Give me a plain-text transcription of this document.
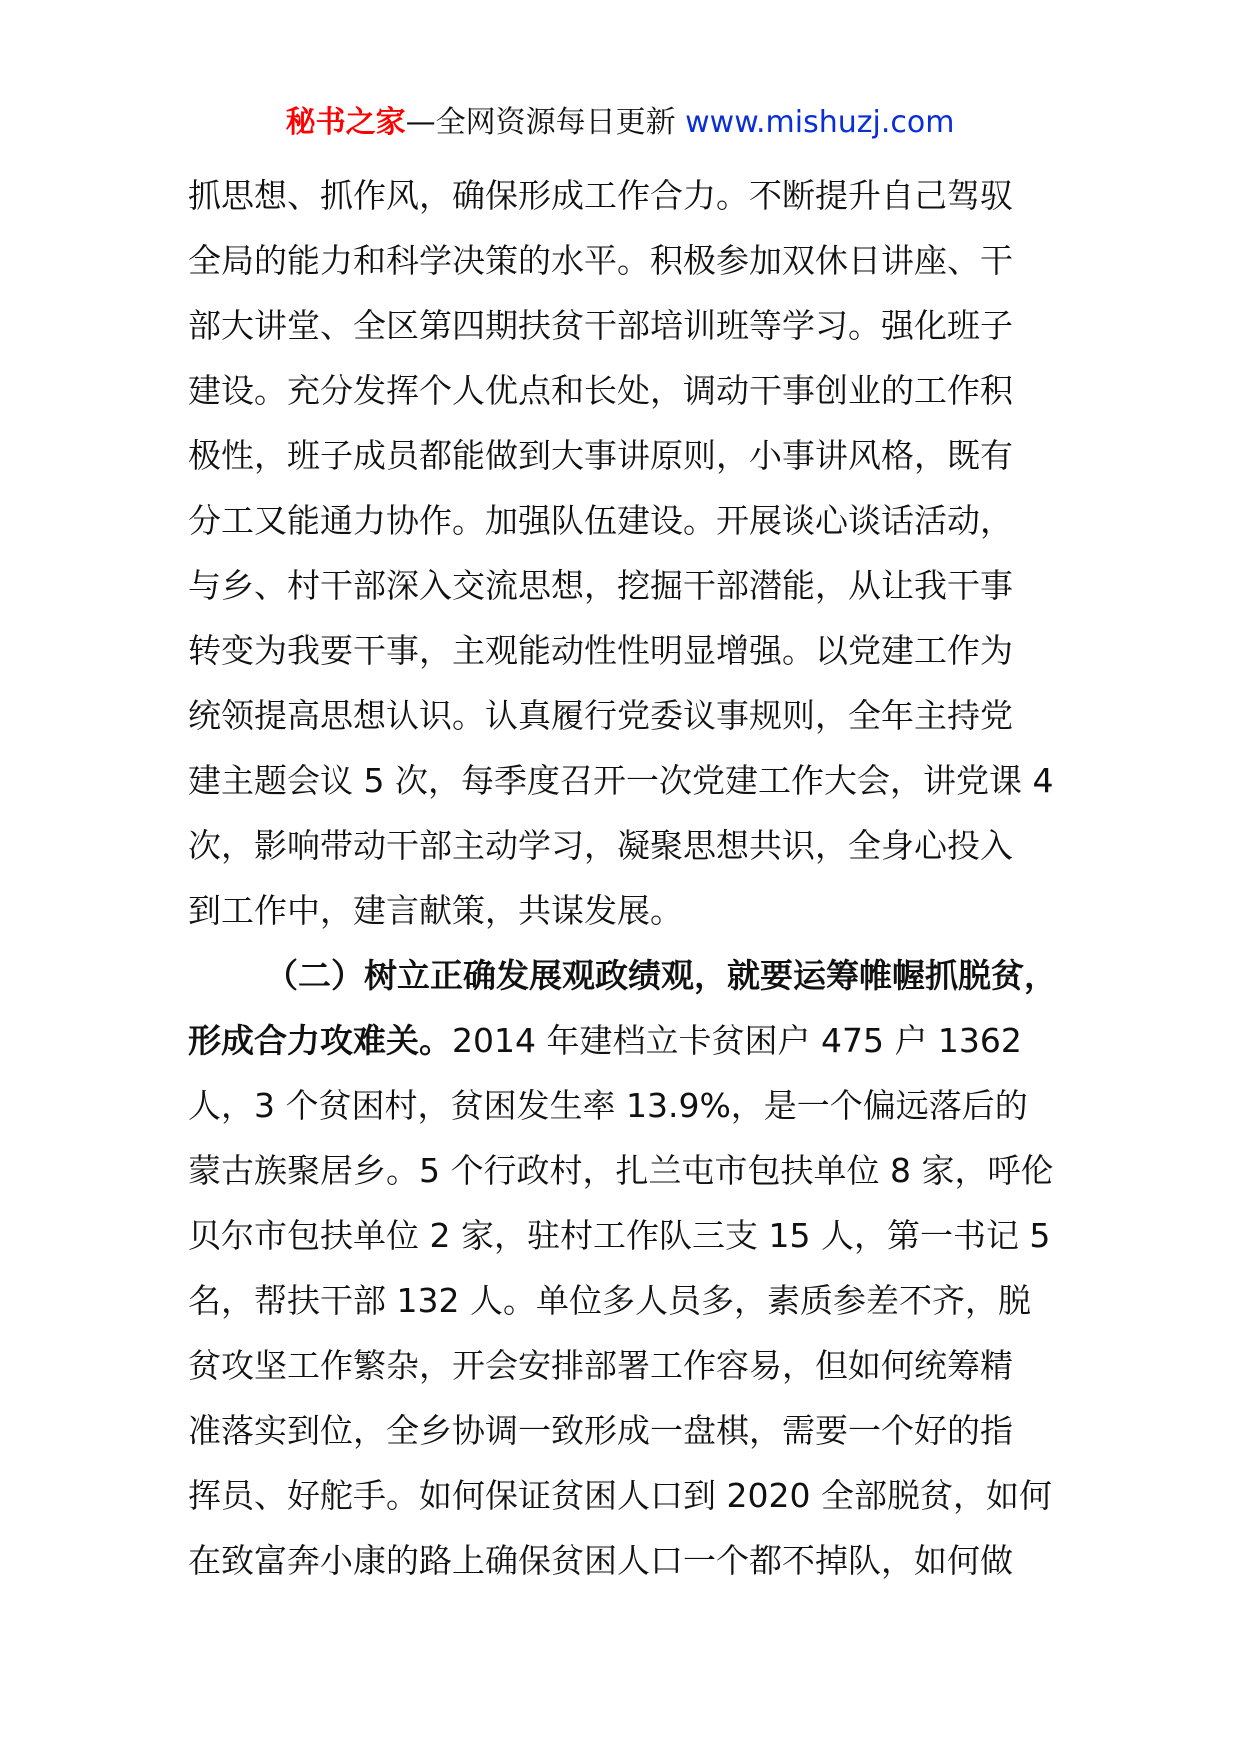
秘书之家—全网资源每日更新 www.mishuzj.com
抓思想、抓作风，确保形成工作合力。不断提升自己驾驭
全局的能力和科学决策的水平。积极参加双休日讲座、干
部大讲堂、全区第四期扶贫干部培训班等学习。强化班子
建设。充分发挥个人优点和长处，调动干事创业的工作积
极性，班子成员都能做到大事讲原则，小事讲风格，既有
分工又能通力协作。加强队伍建设。开展谈心谈话活动，
与乡、村干部深入交流思想，挖掘干部潜能，从让我干事
转变为我要干事，主观能动性性明显增强。以党建工作为
统领提高思想认识。认真履行党委议事规则，全年主持党
建主题会议 5 次，每季度召开一次党建工作大会，讲党课 4
次，影响带动干部主动学习，凝聚思想共识，全身心投入
到工作中，建言献策，共谋发展。
（二）树立正确发展观政绩观，就要运筹帷幄抓脱贫，
形成合力攻难关。2014 年建档立卡贫困户 475 户 1362
人，3 个贫困村，贫困发生率 13.9%，是一个偏远落后的
蒙古族聚居乡。5 个行政村，扎兰屯市包扶单位 8 家，呼伦
贝尔市包扶单位 2 家，驻村工作队三支 15 人，第一书记 5
名，帮扶干部 132 人。单位多人员多，素质参差不齐，脱
贫攻坚工作繁杂，开会安排部署工作容易，但如何统筹精
准落实到位，全乡协调一致形成一盘棋，需要一个好的指
挥员、好舵手。如何保证贫困人口到 2020 全部脱贫，如何
在致富奔小康的路上确保贫困人口一个都不掉队，如何做
